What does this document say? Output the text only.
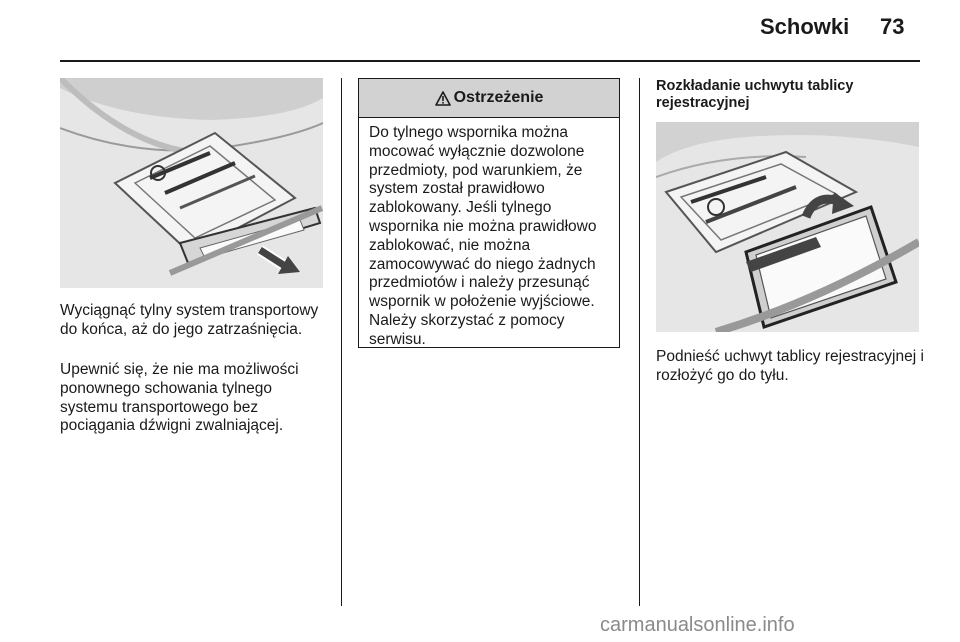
Schowki 73

Wyciągnąć tylny system transportowy do końca, aż do jego zatrzaśnięcia.

Upewnić się, że nie ma możliwości ponownego schowania tylnego systemu transportowego bez pociągania dźwigni zwalniającej.

Ostrzeżenie

Do tylnego wspornika można mocować wyłącznie dozwolone przedmioty, pod warunkiem, że system został prawidłowo zablokowany. Jeśli tylnego wspornika nie można prawidłowo zablokować, nie można zamocowywać do niego żadnych przedmiotów i należy przesunąć wspornik w położenie wyjściowe. Należy skorzystać z pomocy serwisu.

Rozkładanie uchwytu tablicy rejestracyjnej

Podnieść uchwyt tablicy rejestracyjnej i rozłożyć go do tyłu.

carmanualsonline.info
